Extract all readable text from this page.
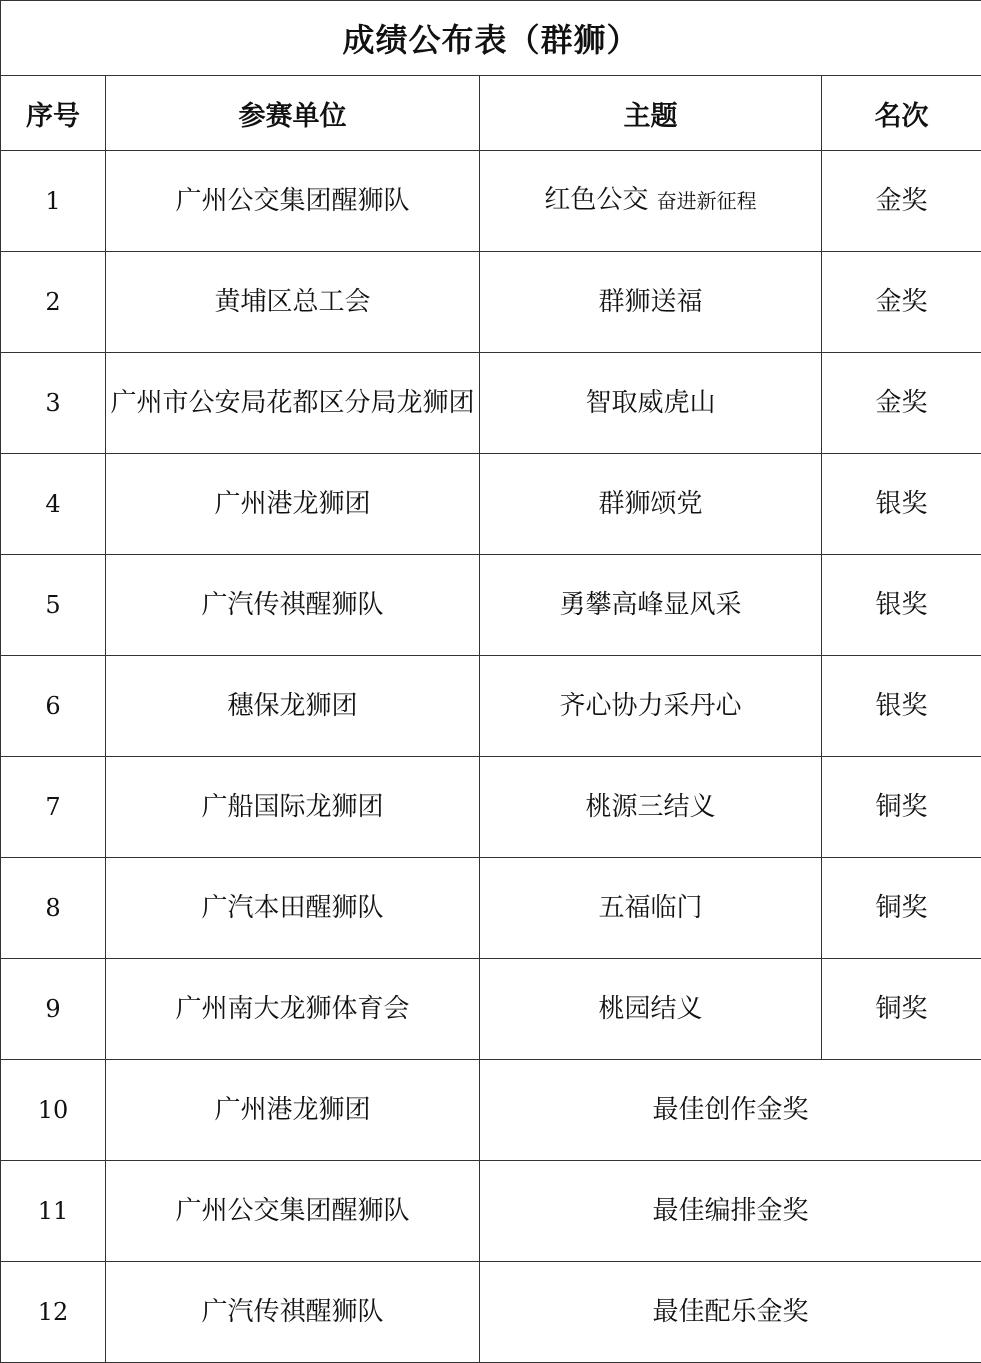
成绩公布表（群狮）			
序号	参赛单位	主题	名次
1	广州公交集团醒狮队	红色公交 奋进新征程	金奖
2	黄埔区总工会	群狮送福	金奖
3	广州市公安局花都区分局龙狮团	智取威虎山	金奖
4	广州港龙狮团	群狮颂党	银奖
5	广汽传祺醒狮队	勇攀高峰显风采	银奖
6	穗保龙狮团	齐心协力采丹心	银奖
7	广船国际龙狮团	桃源三结义	铜奖
8	广汽本田醒狮队	五福临门	铜奖
9	广州南大龙狮体育会	桃园结义	铜奖
10	广州港龙狮团	最佳创作金奖	
11	广州公交集团醒狮队	最佳编排金奖	
12	广汽传祺醒狮队	最佳配乐金奖	
